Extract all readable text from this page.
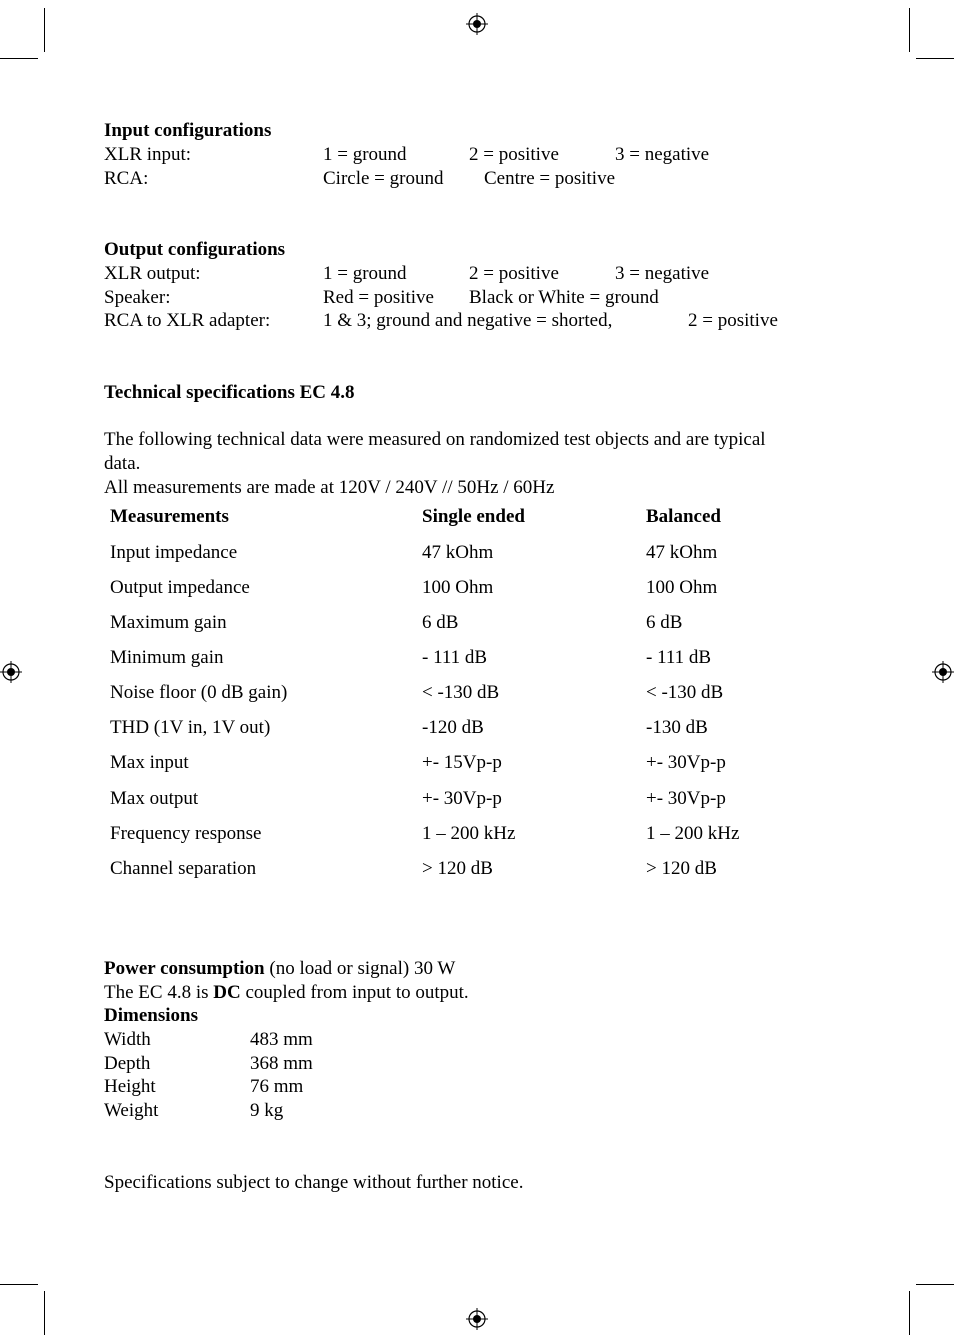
Input configurations
XLR input:	1 = ground	2 = positive	3 = negative
RCA:	Circle = ground Centre = positive
Output configurations
XLR output:	1 = ground	2 = positive	3 = negative
Speaker:	Red = positive Black or White = ground
RCA to XLR adapter:	1 & 3; ground and negative = shorted,	2 = positive
Technical specifications EC 4.8
The following technical data were measured on randomized test objects and are typical
data.
All measurements are made at 120V / 240V // 50Hz / 60Hz
Measurements	Single ended	Balanced
Input impedance	47 kOhm	47 kOhm
Output impedance	100 Ohm	100 Ohm
Maximum gain	6 dB	6 dB
Minimum gain	- 111 dB	- 111 dB
Noise floor (0 dB gain)	< -130 dB	< -130 dB
THD (1V in, 1V out)	-120 dB	-130 dB
Max input	+- 15Vp-p	+- 30Vp-p
Max output	+- 30Vp-p	+- 30Vp-p
Frequency response	1 – 200 kHz	1 – 200 kHz
Channel separation	> 120 dB	> 120 dB
Power consumption (no load or signal) 30 W
The EC 4.8 is DC coupled from input to output.
Dimensions
Width	483 mm
Depth	368 mm
Height	76 mm
Weight	9 kg
Specifications subject to change without further notice.
